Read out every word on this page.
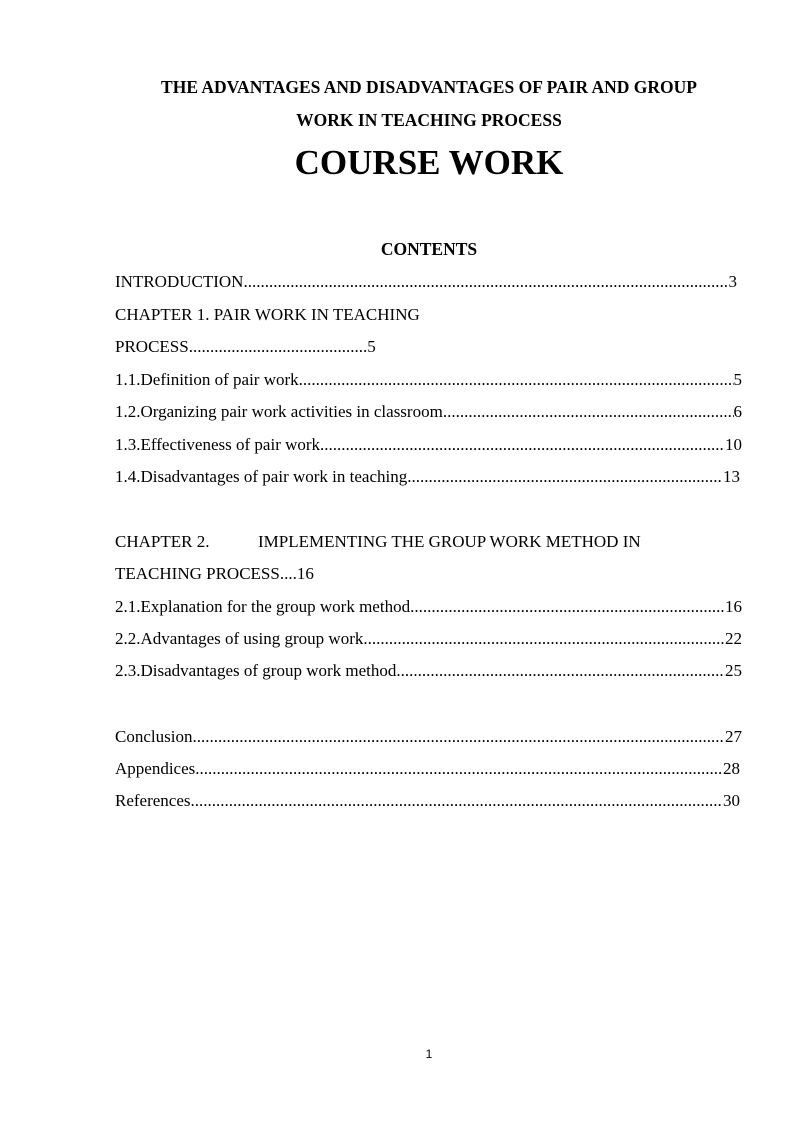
THE ADVANTAGES AND DISADVANTAGES OF PAIR AND GROUP
WORK IN TEACHING PROCESS
COURSE WORK
CONTENTS
INTRODUCTION .....	3
CHAPTER 1. PAIR WORK IN TEACHING
PROCESS..........................................5
1.1. Definition of pair work .....	5
1.2. Organizing pair work activities in classroom .....	6
1.3. Effectiveness of pair work .....	10
1.4. Disadvantages of pair work in teaching .....	13
CHAPTER 2.	IMPLEMENTING THE GROUP WORK METHOD IN
TEACHING PROCESS....16
2.1. Explanation for the group work method .....	16
2.2. Advantages of using group work .....	22
2.3. Disadvantages of group work method .....	25
Conclusion .....	27
Appendices .....	28
References .....	30
1
